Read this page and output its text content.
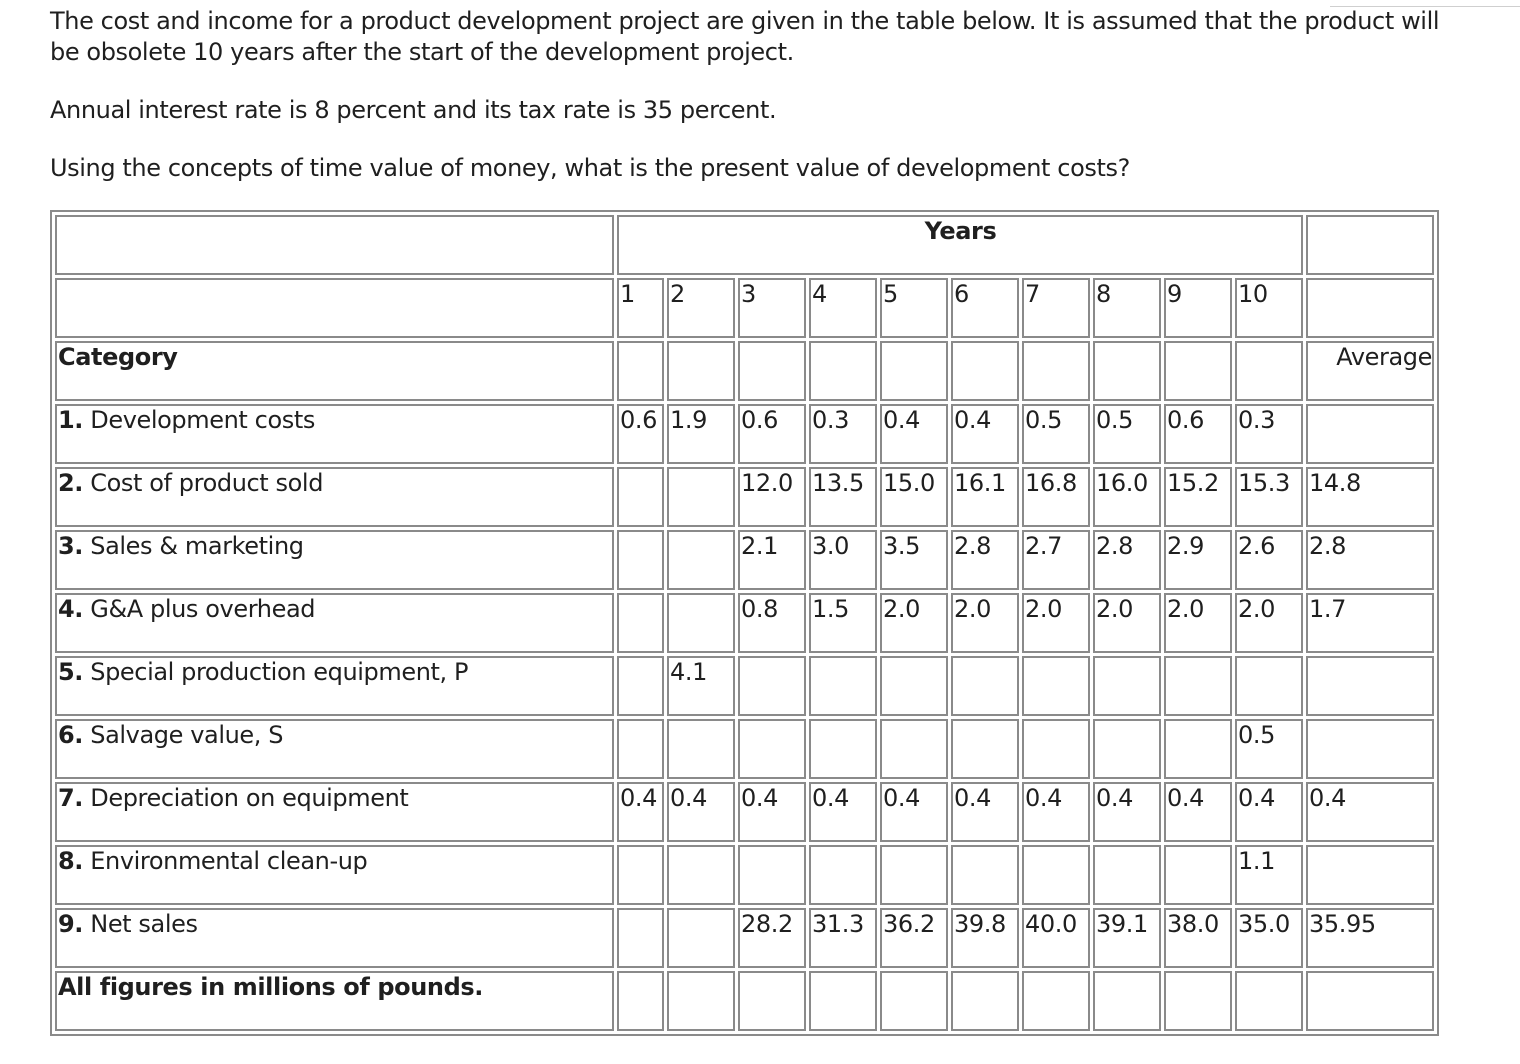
The cost and income for a product development project are given in the table below. It is assumed that the product will be obsolete 10 years after the start of the development project.

Annual interest rate is 8 percent and its tax rate is 35 percent.

Using the concepts of time value of money, what is the present value of development costs?

	Years										
	1	2	3	4	5	6	7	8	9	10	
Category											Average
1. Development costs	0.6	1.9	0.6	0.3	0.4	0.4	0.5	0.5	0.6	0.3	
2. Cost of product sold			12.0	13.5	15.0	16.1	16.8	16.0	15.2	15.3	14.8
3. Sales & marketing			2.1	3.0	3.5	2.8	2.7	2.8	2.9	2.6	2.8
4. G&A plus overhead			0.8	1.5	2.0	2.0	2.0	2.0	2.0	2.0	1.7
5. Special production equipment, P		4.1									
6. Salvage value, S										0.5	
7. Depreciation on equipment	0.4	0.4	0.4	0.4	0.4	0.4	0.4	0.4	0.4	0.4	0.4
8. Environmental clean-up										1.1	
9. Net sales			28.2	31.3	36.2	39.8	40.0	39.1	38.0	35.0	35.95
All figures in millions of pounds.											
